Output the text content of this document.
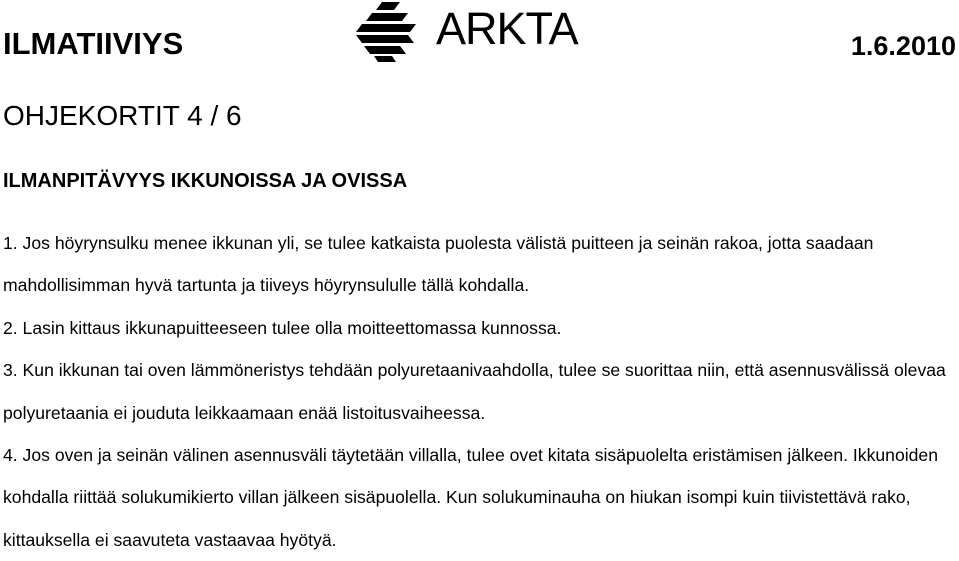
ILMATIIVIYS	ARKTA	1.6.2010
OHJEKORTIT 4 / 6
ILMANPITÄVYYS IKKUNOISSA JA OVISSA

1. Jos höyrynsulku menee ikkunan yli, se tulee katkaista puolesta välistä puitteen ja seinän rakoa, jotta saadaan mahdollisimman hyvä tartunta ja tiiveys höyrynsululle tällä kohdalla.

2. Lasin kittaus ikkunapuitteeseen tulee olla moitteettomassa kunnossa.

3. Kun ikkunan tai oven lämmöneristys tehdään polyuretaanivaahdolla, tulee se suorittaa niin, että asennusvälissä olevaa polyuretaania ei jouduta leikkaamaan enää listoitusvaiheessa.

4. Jos oven ja seinän välinen asennusväli täytetään villalla, tulee ovet kitata sisäpuolelta eristämisen jälkeen. Ikkunoiden kohdalla riittää solukumikierto villan jälkeen sisäpuolella. Kun solukuminauha on hiukan isompi kuin tiivistettävä rako, kittauksella ei saavuteta vastaavaa hyötyä.
